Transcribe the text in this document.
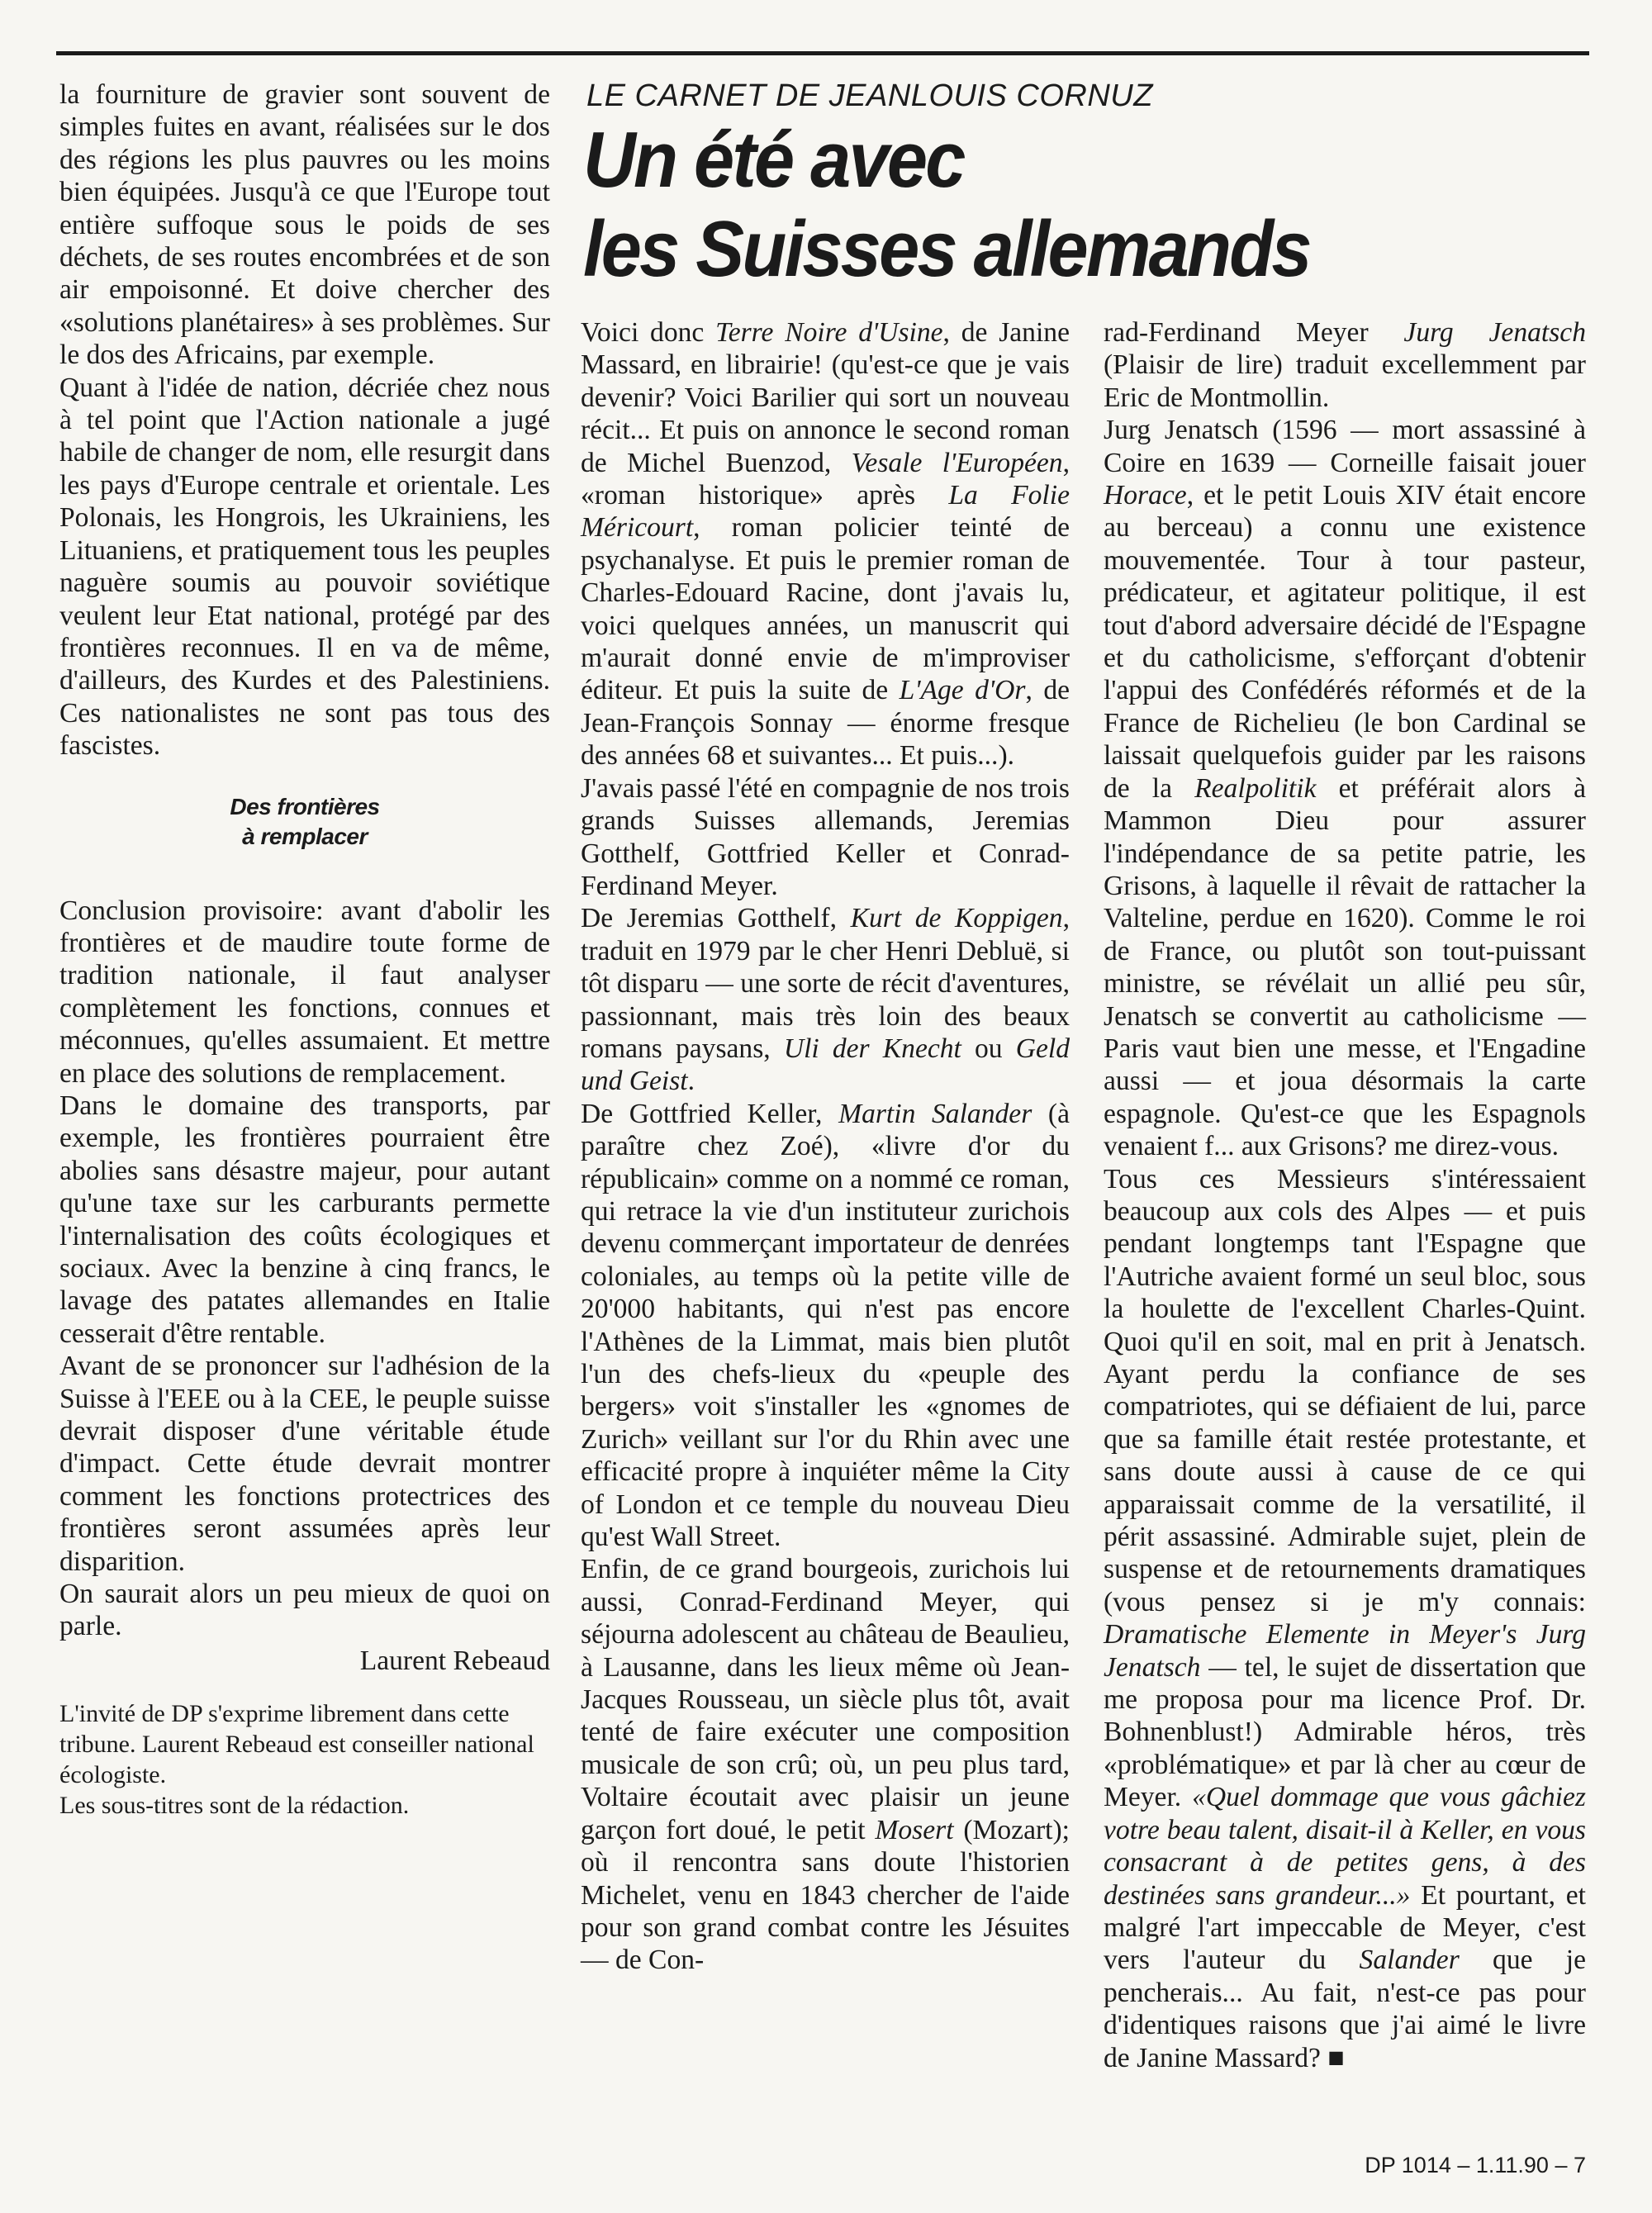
la fourniture de gravier sont souvent de simples fuites en avant, réalisées sur le dos des régions les plus pauvres ou les moins bien équipées. Jusqu'à ce que l'Europe tout entière suffoque sous le poids de ses déchets, de ses routes encombrées et de son air empoisonné. Et doive chercher des «solutions planétaires» à ses problèmes. Sur le dos des Africains, par exemple.

Quant à l'idée de nation, décriée chez nous à tel point que l'Action nationale a jugé habile de changer de nom, elle resurgit dans les pays d'Europe centrale et orientale. Les Polonais, les Hongrois, les Ukrainiens, les Lituaniens, et pratiquement tous les peuples naguère soumis au pouvoir soviétique veulent leur Etat national, protégé par des frontières reconnues. Il en va de même, d'ailleurs, des Kurdes et des Palestiniens. Ces nationalistes ne sont pas tous des fascistes.

Des frontières
à remplacer

Conclusion provisoire: avant d'abolir les frontières et de maudire toute forme de tradition nationale, il faut analyser complètement les fonctions, connues et méconnues, qu'elles assumaient. Et mettre en place des solutions de remplacement.

Dans le domaine des transports, par exemple, les frontières pourraient être abolies sans désastre majeur, pour autant qu'une taxe sur les carburants permette l'internalisation des coûts écologiques et sociaux. Avec la benzine à cinq francs, le lavage des patates allemandes en Italie cesserait d'être rentable.

Avant de se prononcer sur l'adhésion de la Suisse à l'EEE ou à la CEE, le peuple suisse devrait disposer d'une véritable étude d'impact. Cette étude devrait montrer comment les fonctions protectrices des frontières seront assumées après leur disparition.

On saurait alors un peu mieux de quoi on parle.

Laurent Rebeaud

L'invité de DP s'exprime librement dans cette tribune. Laurent Rebeaud est conseiller national écologiste.

Les sous-titres sont de la rédaction.

LE CARNET DE JEANLOUIS CORNUZ
Un été avec
les Suisses allemands

Voici donc Terre Noire d'Usine, de Janine Massard, en librairie! (qu'est-ce que je vais devenir? Voici Barilier qui sort un nouveau récit... Et puis on annonce le second roman de Michel Buenzod, Vesale l'Européen, «roman historique» après La Folie Méricourt, roman policier teinté de psychanalyse. Et puis le premier roman de Charles-Edouard Racine, dont j'avais lu, voici quelques années, un manuscrit qui m'aurait donné envie de m'improviser éditeur. Et puis la suite de L'Age d'Or, de Jean-François Sonnay — énorme fresque des années 68 et suivantes... Et puis...).

J'avais passé l'été en compagnie de nos trois grands Suisses allemands, Jeremias Gotthelf, Gottfried Keller et Conrad-Ferdinand Meyer.

De Jeremias Gotthelf, Kurt de Koppigen, traduit en 1979 par le cher Henri Debluë, si tôt disparu — une sorte de récit d'aventures, passionnant, mais très loin des beaux romans paysans, Uli der Knecht ou Geld und Geist.

De Gottfried Keller, Martin Salander (à paraître chez Zoé), «livre d'or du républicain» comme on a nommé ce roman, qui retrace la vie d'un instituteur zurichois devenu commerçant importateur de denrées coloniales, au temps où la petite ville de 20'000 habitants, qui n'est pas encore l'Athènes de la Limmat, mais bien plutôt l'un des chefs-lieux du «peuple des bergers» voit s'installer les «gnomes de Zurich» veillant sur l'or du Rhin avec une efficacité propre à inquiéter même la City of London et ce temple du nouveau Dieu qu'est Wall Street.

Enfin, de ce grand bourgeois, zurichois lui aussi, Conrad-Ferdinand Meyer, qui séjourna adolescent au château de Beaulieu, à Lausanne, dans les lieux même où Jean-Jacques Rousseau, un siècle plus tôt, avait tenté de faire exécuter une composition musicale de son crû; où, un peu plus tard, Voltaire écoutait avec plaisir un jeune garçon fort doué, le petit Mosert (Mozart); où il rencontra sans doute l'historien Michelet, venu en 1843 chercher de l'aide pour son grand combat contre les Jésuites — de Con-

rad-Ferdinand Meyer Jurg Jenatsch (Plaisir de lire) traduit excellemment par Eric de Montmollin.

Jurg Jenatsch (1596 — mort assassiné à Coire en 1639 — Corneille faisait jouer Horace, et le petit Louis XIV était encore au berceau) a connu une existence mouvementée. Tour à tour pasteur, prédicateur, et agitateur politique, il est tout d'abord adversaire décidé de l'Espagne et du catholicisme, s'efforçant d'obtenir l'appui des Confédérés réformés et de la France de Richelieu (le bon Cardinal se laissait quelquefois guider par les raisons de la Realpolitik et préférait alors à Mammon Dieu pour assurer l'indépendance de sa petite patrie, les Grisons, à laquelle il rêvait de rattacher la Valteline, perdue en 1620). Comme le roi de France, ou plutôt son tout-puissant ministre, se révélait un allié peu sûr, Jenatsch se convertit au catholicisme — Paris vaut bien une messe, et l'Engadine aussi — et joua désormais la carte espagnole. Qu'est-ce que les Espagnols venaient f... aux Grisons? me direz-vous.

Tous ces Messieurs s'intéressaient beaucoup aux cols des Alpes — et puis pendant longtemps tant l'Espagne que l'Autriche avaient formé un seul bloc, sous la houlette de l'excellent Charles-Quint. Quoi qu'il en soit, mal en prit à Jenatsch. Ayant perdu la confiance de ses compatriotes, qui se défiaient de lui, parce que sa famille était restée protestante, et sans doute aussi à cause de ce qui apparaissait comme de la versatilité, il périt assassiné. Admirable sujet, plein de suspense et de retournements dramatiques (vous pensez si je m'y connais: Dramatische Elemente in Meyer's Jurg Jenatsch — tel, le sujet de dissertation que me proposa pour ma licence Prof. Dr. Bohnenblust!) Admirable héros, très «problématique» et par là cher au cœur de Meyer. «Quel dommage que vous gâchiez votre beau talent, disait-il à Keller, en vous consacrant à de petites gens, à des destinées sans grandeur...» Et pourtant, et malgré l'art impeccable de Meyer, c'est vers l'auteur du Salander que je pencherais... Au fait, n'est-ce pas pour d'identiques raisons que j'ai aimé le livre de Janine Massard? ■

DP 1014 – 1.11.90 – 7
